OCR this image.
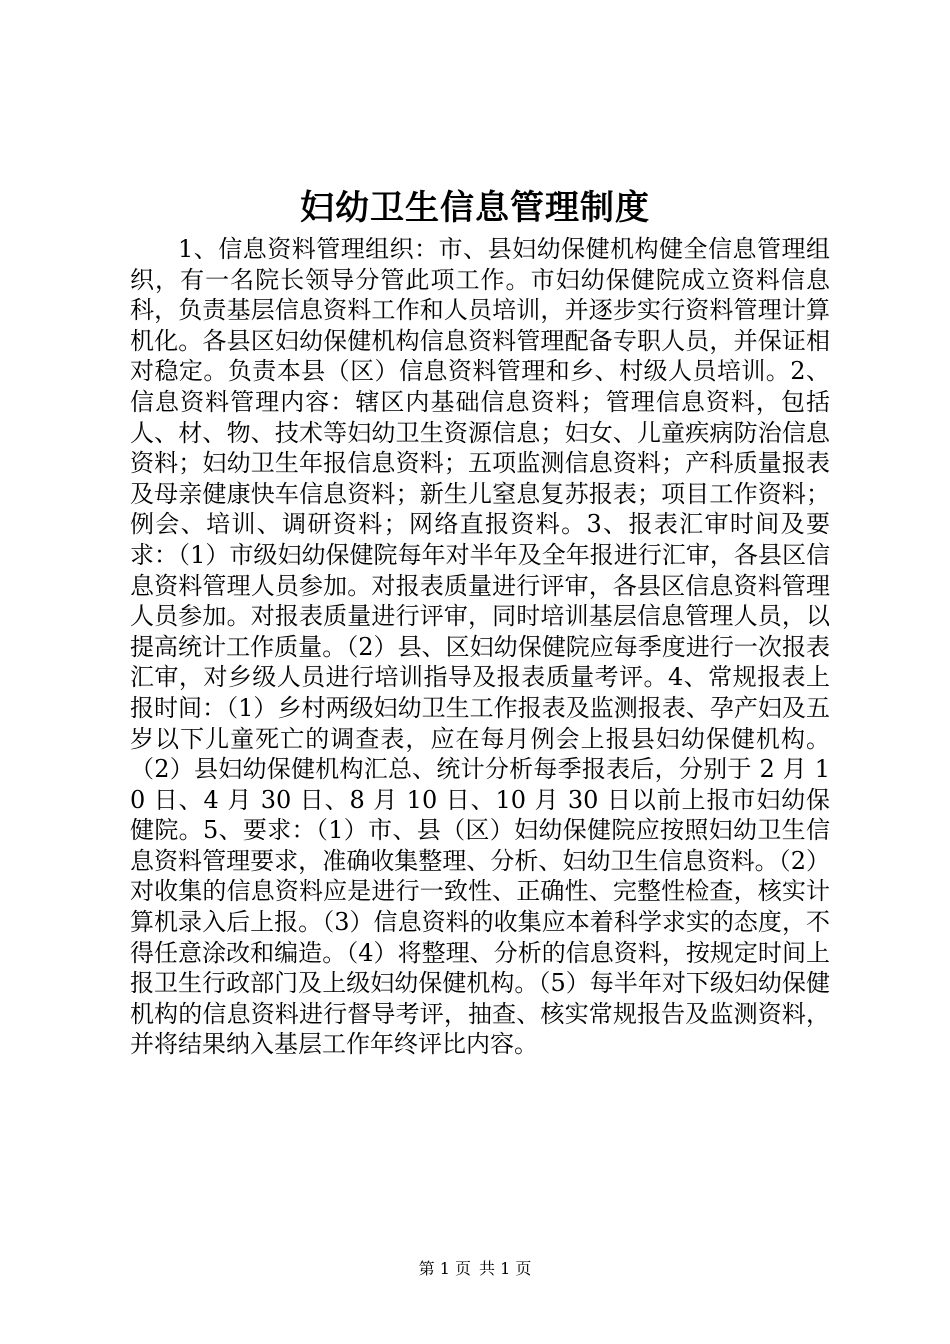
妇幼卫生信息管理制度

1、信息资料管理组织：市、县妇幼保健机构健全信息管理组织，有一名院长领导分管此项工作。市妇幼保健院成立资料信息科，负责基层信息资料工作和人员培训，并逐步实行资料管理计算机化。各县区妇幼保健机构信息资料管理配备专职人员，并保证相对稳定。负责本县（区）信息资料管理和乡、村级人员培训。2、信息资料管理内容：辖区内基础信息资料；管理信息资料，包括人、材、物、技术等妇幼卫生资源信息；妇女、儿童疾病防治信息资料；妇幼卫生年报信息资料；五项监测信息资料；产科质量报表及母亲健康快车信息资料；新生儿窒息复苏报表；项目工作资料；例会、培训、调研资料；网络直报资料。3、报表汇审时间及要求：（1）市级妇幼保健院每年对半年及全年报进行汇审，各县区信息资料管理人员参加。对报表质量进行评审，各县区信息资料管理人员参加。对报表质量进行评审，同时培训基层信息管理人员，以提高统计工作质量。（2）县、区妇幼保健院应每季度进行一次报表汇审，对乡级人员进行培训指导及报表质量考评。4、常规报表上报时间：（1）乡村两级妇幼卫生工作报表及监测报表、孕产妇及五岁以下儿童死亡的调查表，应在每月例会上报县妇幼保健机构。（2）县妇幼保健机构汇总、统计分析每季报表后，分别于 2 月 10 日、4 月 30 日、8 月 10 日、10 月 30 日以前上报市妇幼保健院。5、要求：（1）市、县（区）妇幼保健院应按照妇幼卫生信息资料管理要求，准确收集整理、分析、妇幼卫生信息资料。（2）对收集的信息资料应是进行一致性、正确性、完整性检查，核实计算机录入后上报。（3）信息资料的收集应本着科学求实的态度，不得任意涂改和编造。（4）将整理、分析的信息资料，按规定时间上报卫生行政部门及上级妇幼保健机构。（5）每半年对下级妇幼保健机构的信息资料进行督导考评，抽查、核实常规报告及监测资料，并将结果纳入基层工作年终评比内容。

第 1 页 共 1 页
